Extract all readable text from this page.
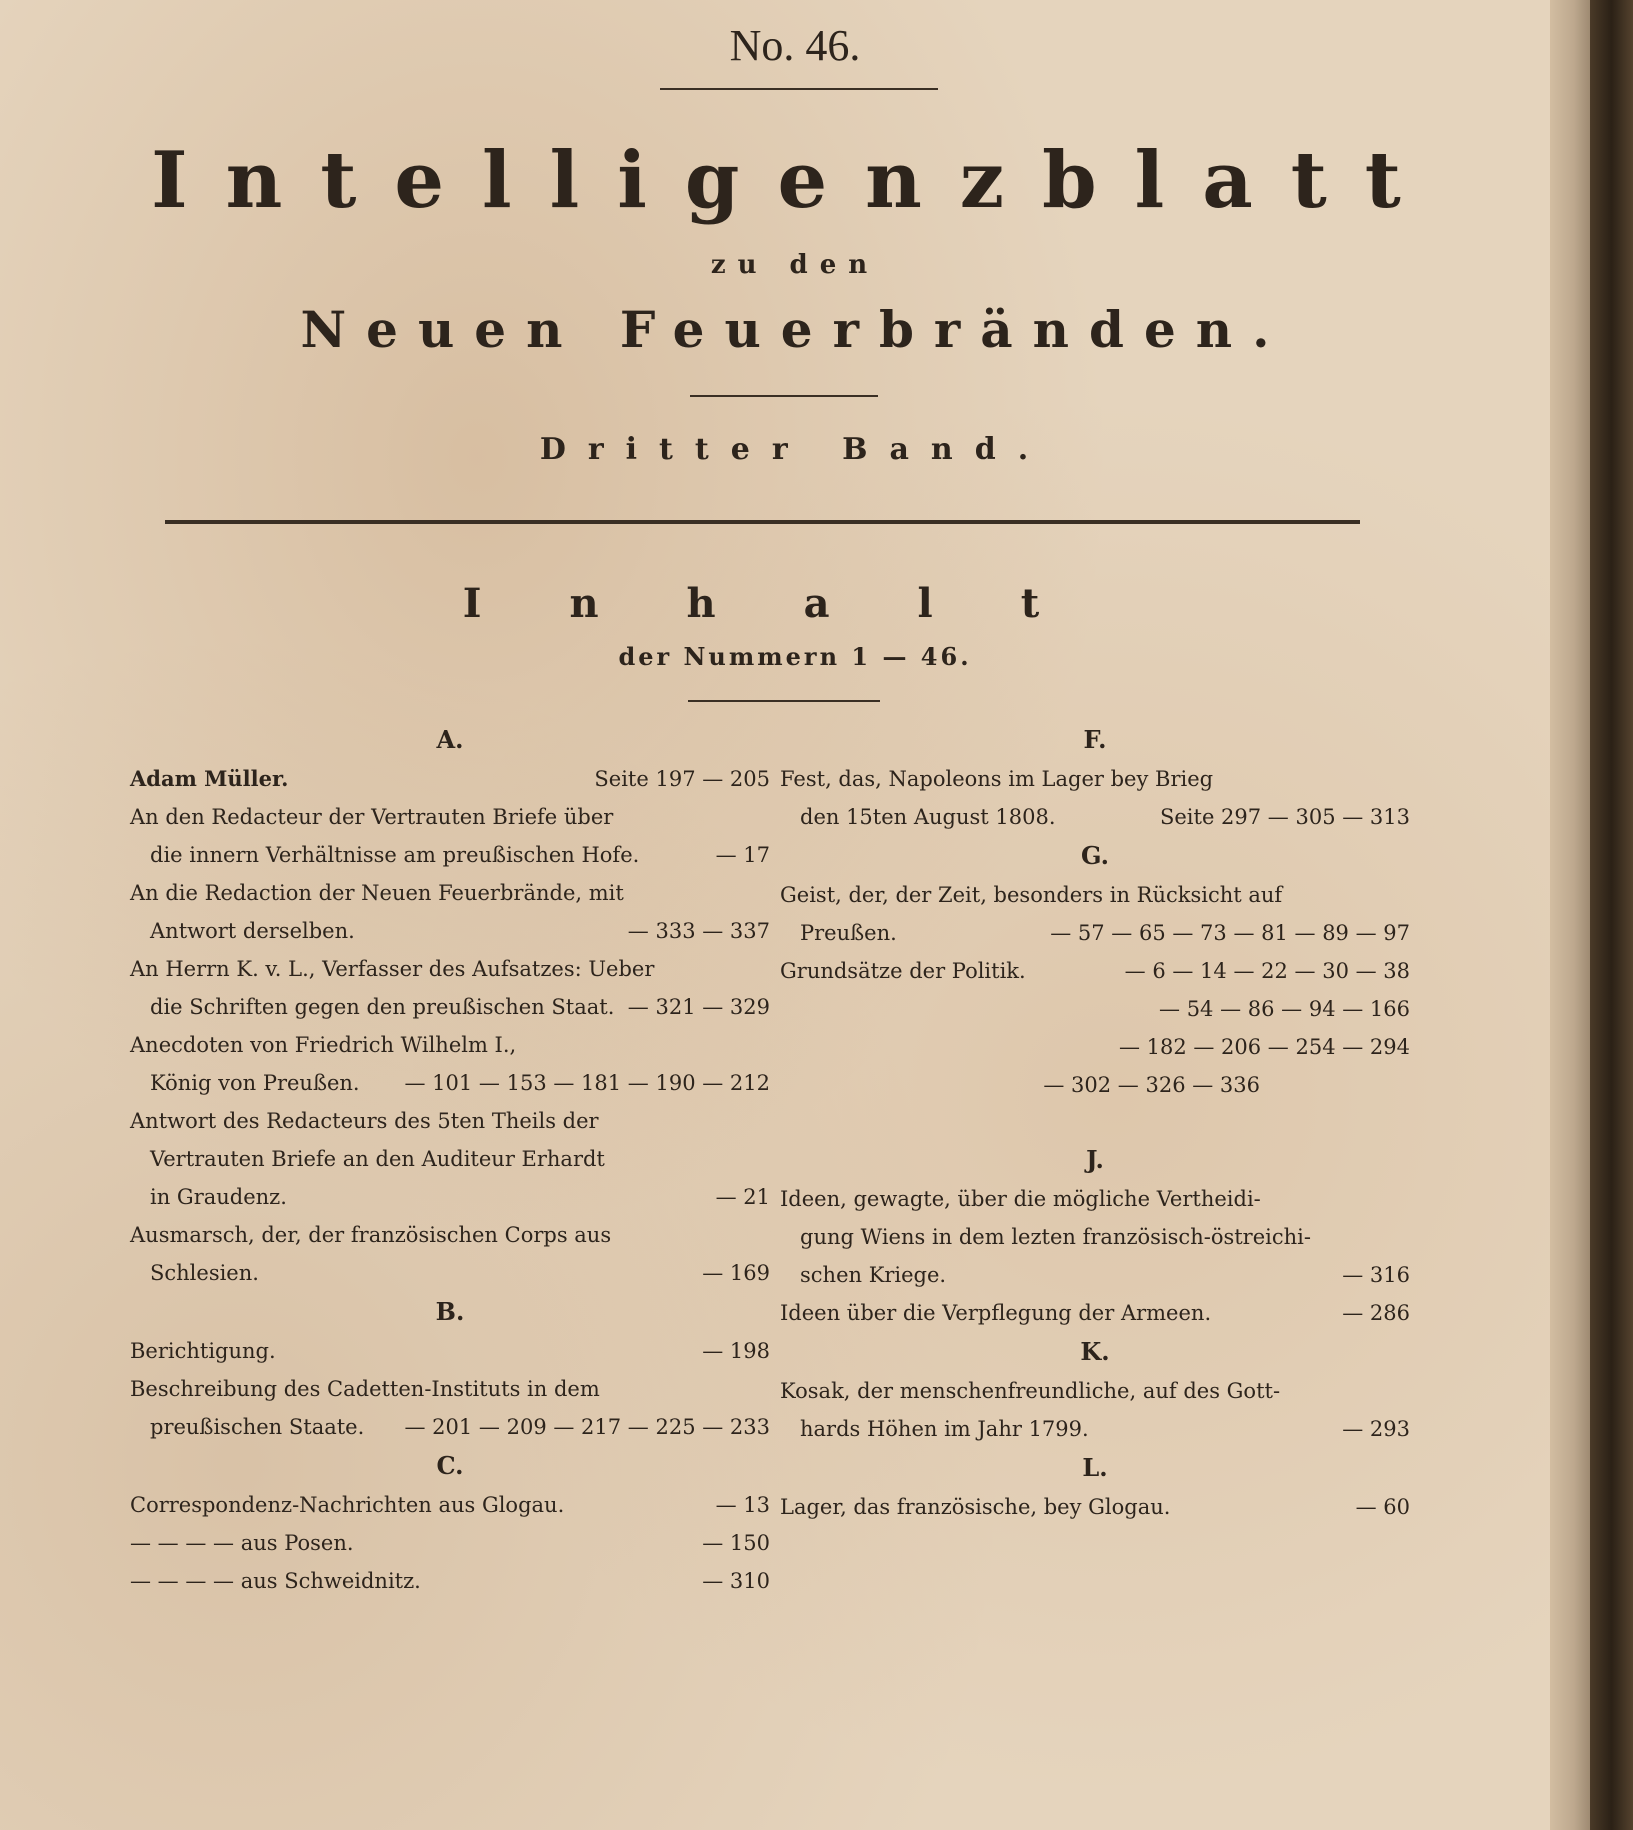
No. 46.
Intelligenzblatt
zu den
Neuen Feuerbränden.
Dritter Band.
Inhalt
der Nummern 1 — 46.
A.
Adam Müller.	Seite 197 — 205
An den Redacteur der Vertrauten Briefe über
die innern Verhältnisse am preußischen Hofe.	— 17
An die Redaction der Neuen Feuerbrände, mit
Antwort derselben.	— 333 — 337
An Herrn K. v. L., Verfasser des Aufsatzes: Ueber
die Schriften gegen den preußischen Staat. — 321 — 329
Anecdoten von Friedrich Wilhelm I.,
König von Preußen. — 101 — 153 — 181 — 190 — 212
Antwort des Redacteurs des 5ten Theils der
Vertrauten Briefe an den Auditeur Erhardt
in Graudenz.	— 21
Ausmarsch, der, der französischen Corps aus
Schlesien.	— 169
B.
Berichtigung.	— 198
Beschreibung des Cadetten-Instituts in dem
preußischen Staate. — 201 — 209 — 217 — 225 — 233
C.
Correspondenz-Nachrichten aus Glogau.	— 13
— — — — aus Posen.	— 150
— — — — aus Schweidnitz.	— 310
F.
Fest, das, Napoleons im Lager bey Brieg
den 15ten August 1808.	Seite 297 — 305 — 313
G.
Geist, der, der Zeit, besonders in Rücksicht auf
Preußen.	— 57 — 65 — 73 — 81 — 89 — 97
Grundsätze der Politik.	— 6 — 14 — 22 — 30 — 38
— 54 — 86 — 94 — 166
— 182 — 206 — 254 — 294
— 302 — 326 — 336
J.
Ideen, gewagte, über die mögliche Vertheidi-
gung Wiens in dem lezten französisch-östreichi-
schen Kriege.	— 316
Ideen über die Verpflegung der Armeen.	— 286
K.
Kosak, der menschenfreundliche, auf des Gott-
hards Höhen im Jahr 1799.	— 293
L.
Lager, das französische, bey Glogau.	— 60
